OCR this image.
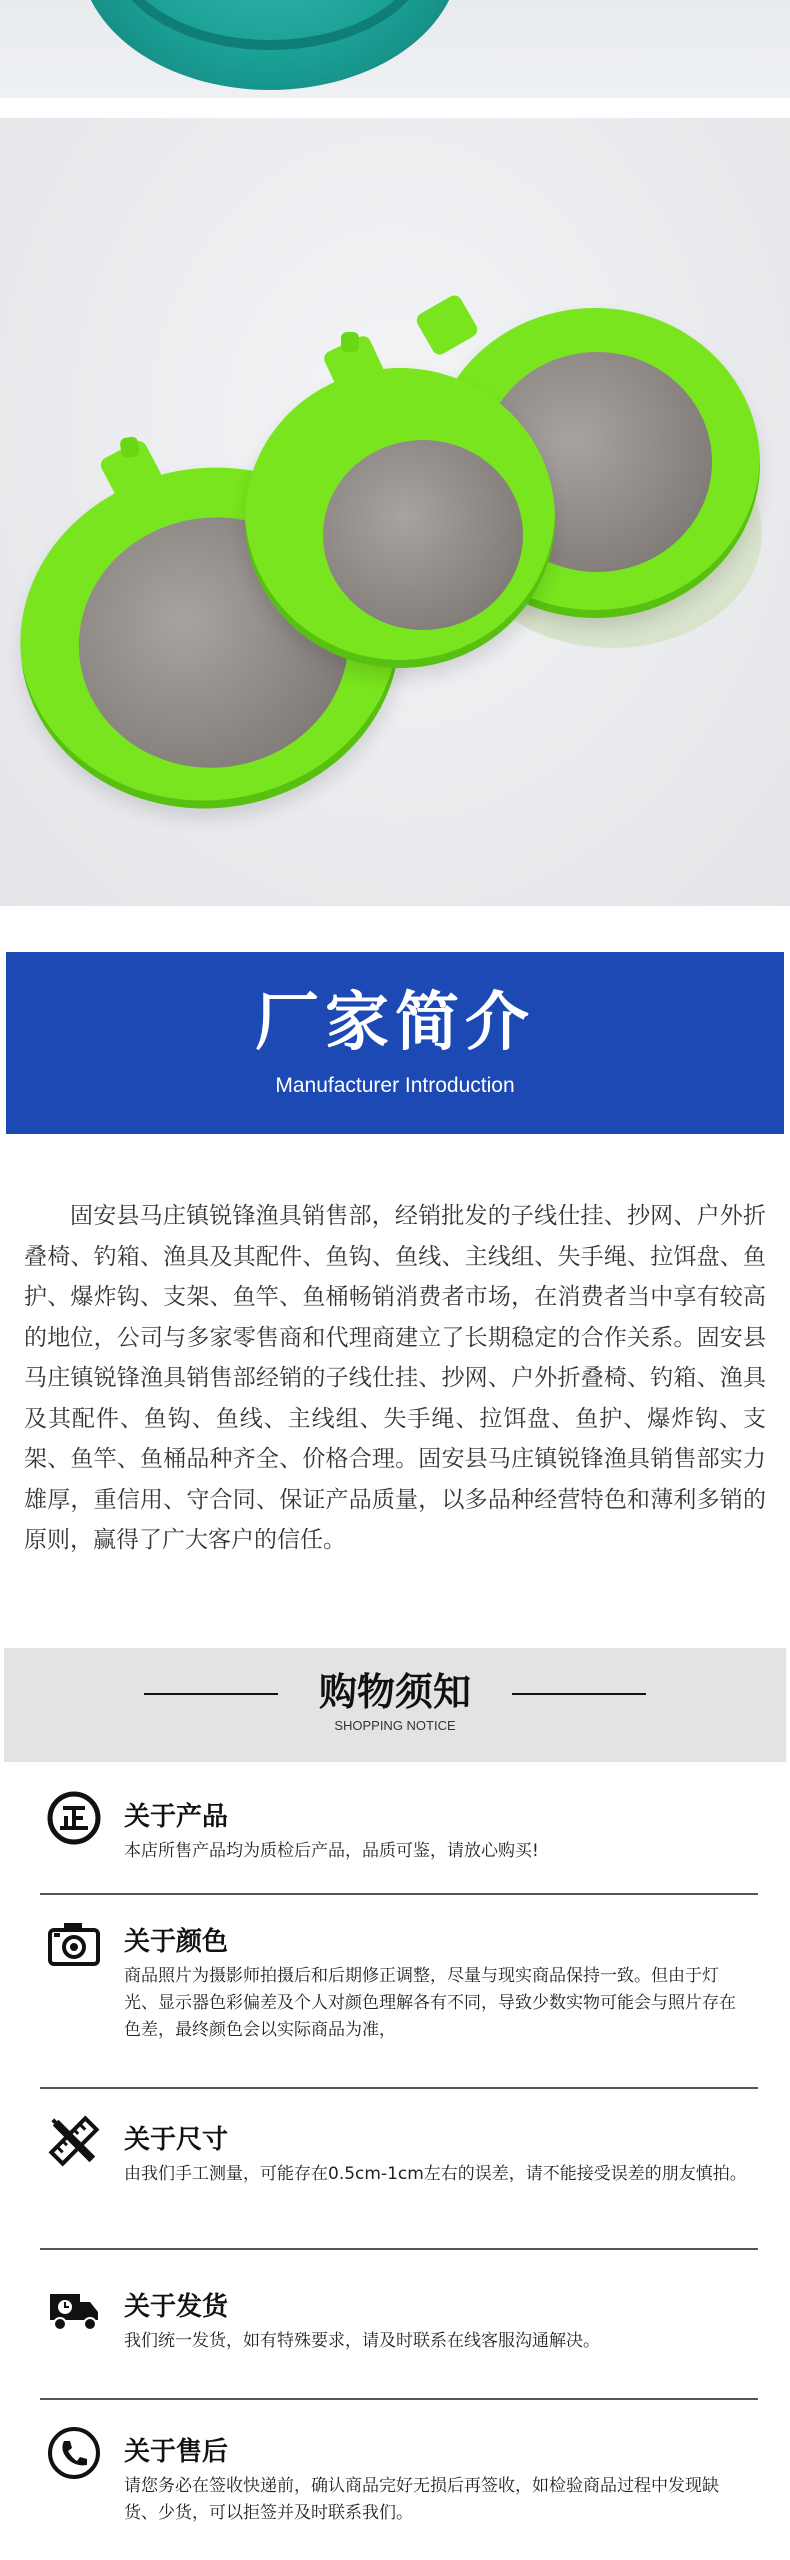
厂家简介

Manufacturer Introduction

固安县马庄镇锐锋渔具销售部，经销批发的子线仕挂、抄网、户外折叠椅、钓箱、渔具及其配件、鱼钩、鱼线、主线组、失手绳、拉饵盘、鱼护、爆炸钩、支架、鱼竿、鱼桶畅销消费者市场，在消费者当中享有较高的地位，公司与多家零售商和代理商建立了长期稳定的合作关系。固安县马庄镇锐锋渔具销售部经销的子线仕挂、抄网、户外折叠椅、钓箱、渔具及其配件、鱼钩、鱼线、主线组、失手绳、拉饵盘、鱼护、爆炸钩、支架、鱼竿、鱼桶品种齐全、价格合理。固安县马庄镇锐锋渔具销售部实力雄厚，重信用、守合同、保证产品质量，以多品种经营特色和薄利多销的原则，赢得了广大客户的信任。

购物须知

SHOPPING NOTICE

关于产品
本店所售产品均为质检后产品，品质可鉴，请放心购买!
关于颜色
商品照片为摄影师拍摄后和后期修正调整，尽量与现实商品保持一致。但由于灯光、显示器色彩偏差及个人对颜色理解各有不同，导致少数实物可能会与照片存在色差，最终颜色会以实际商品为准，
关于尺寸
由我们手工测量，可能存在0.5cm-1cm左右的误差，请不能接受误差的朋友慎拍。
关于发货
我们统一发货，如有特殊要求，请及时联系在线客服沟通解决。
关于售后
请您务必在签收快递前，确认商品完好无损后再签收，如检验商品过程中发现缺货、少货，可以拒签并及时联系我们。
